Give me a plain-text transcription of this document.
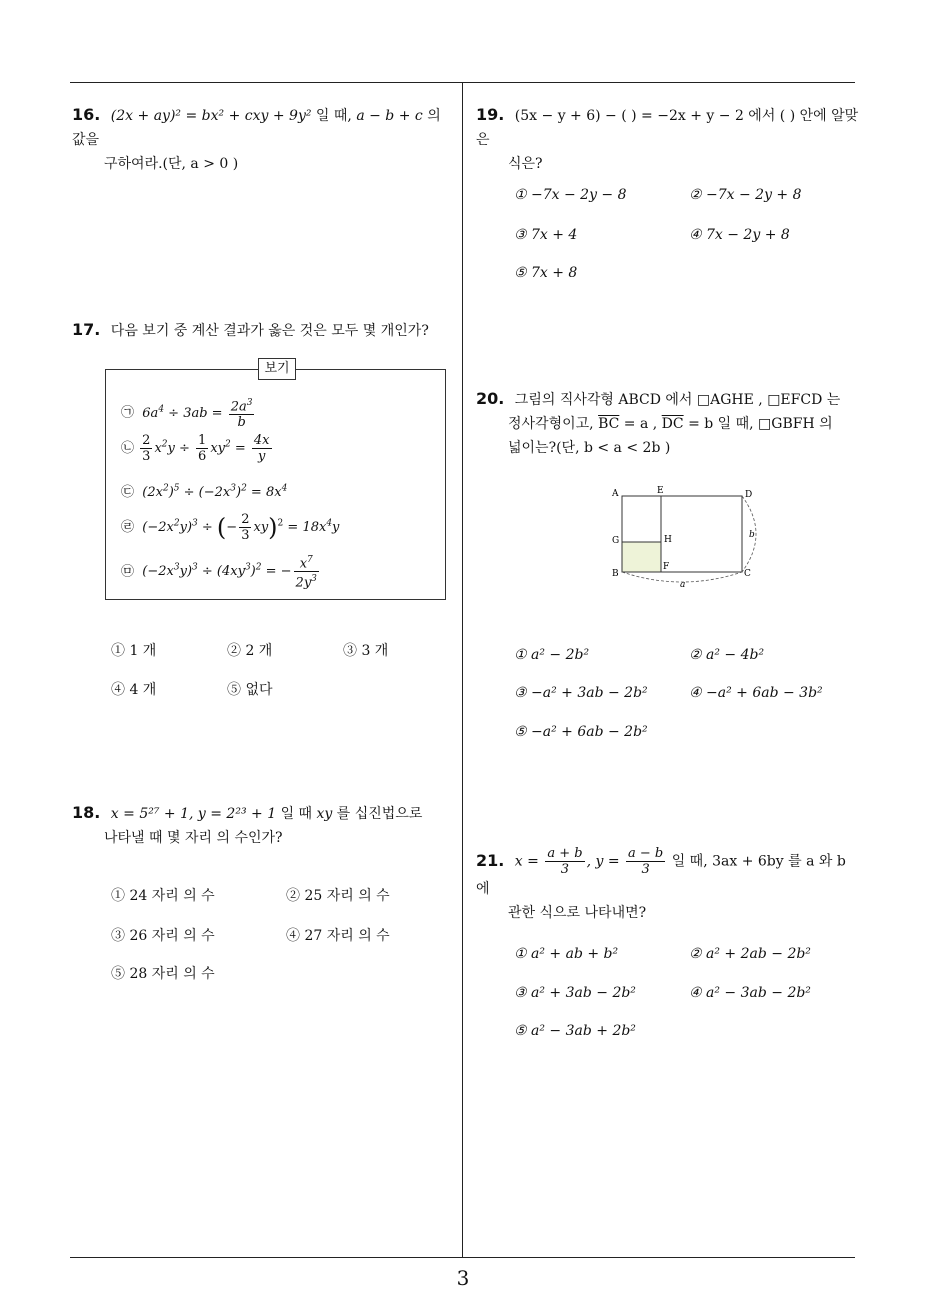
16. (2x + ay)² = bx² + cxy + 9y² 일 때, a − b + c 의 값을
구하여라.(단, a > 0 )
17. 다음 보기 중 계산 결과가 옳은 것은 모두 몇 개인가?
보기
㉠  $6a^4 \div 3ab = \frac{2a^3}{b}$
㉡ $\frac{2}{3} x^2y \div \frac{1}{6} xy^2 = \frac{4x}{y}$
㉢  $(2x^2)^5 \div (-2x^3)^2 = 8x^4$
㉣  $(-2x^2y)^3$ ÷ (− $\frac{2}{3} xy)^2 = 18x^4y$
㉤  $(-2x^3y)^3 \div (4xy^3)^2$ = − $\frac{x^7}{2y^3}$
① 1 개	② 2 개	③ 3 개
④ 4 개	⑤ 없다
18. x = 5²⁷ + 1, y = 2²³ + 1 일 때 xy 를 십진법으로
나타낼 때 몇 자리 의 수인가?
① 24 자리 의 수	② 25 자리 의 수
③ 26 자리 의 수	④ 27 자리 의 수
⑤ 28 자리 의 수
19. (5x − y + 6) − ( ) = −2x + y − 2 에서 ( ) 안에 알맞은
식은?
① −7x − 2y − 8	② −7x − 2y + 8
③ 7x + 4	④ 7x − 2y + 8
⑤ 7x + 8
20. 그림의 직사각형 ABCD 에서 □AGHE , □EFCD 는
정사각형이고, $\overline{BC} = a$ , $\overline{DC} = b$ 일 때, □GBFH 의
넓이는?(단, b < a < 2b )
A	E	D
G	H
B
F
C
a
b
① a² − 2b²	② a² − 4b²
③ −a² + 3ab − 2b²	④ −a² + 6ab − 3b²
⑤ −a² + 6ab − 2b²
21. $x = \frac{a + b}{3}$ , $y = \frac{a - b}{3}$ 일 때, 3ax + 6by 를 a 와 b 에
관한 식으로 나타내면?
① a² + ab + b²	② a² + 2ab − 2b²
③ a² + 3ab − 2b²	④ a² − 3ab − 2b²
⑤ a² − 3ab + 2b²
3
